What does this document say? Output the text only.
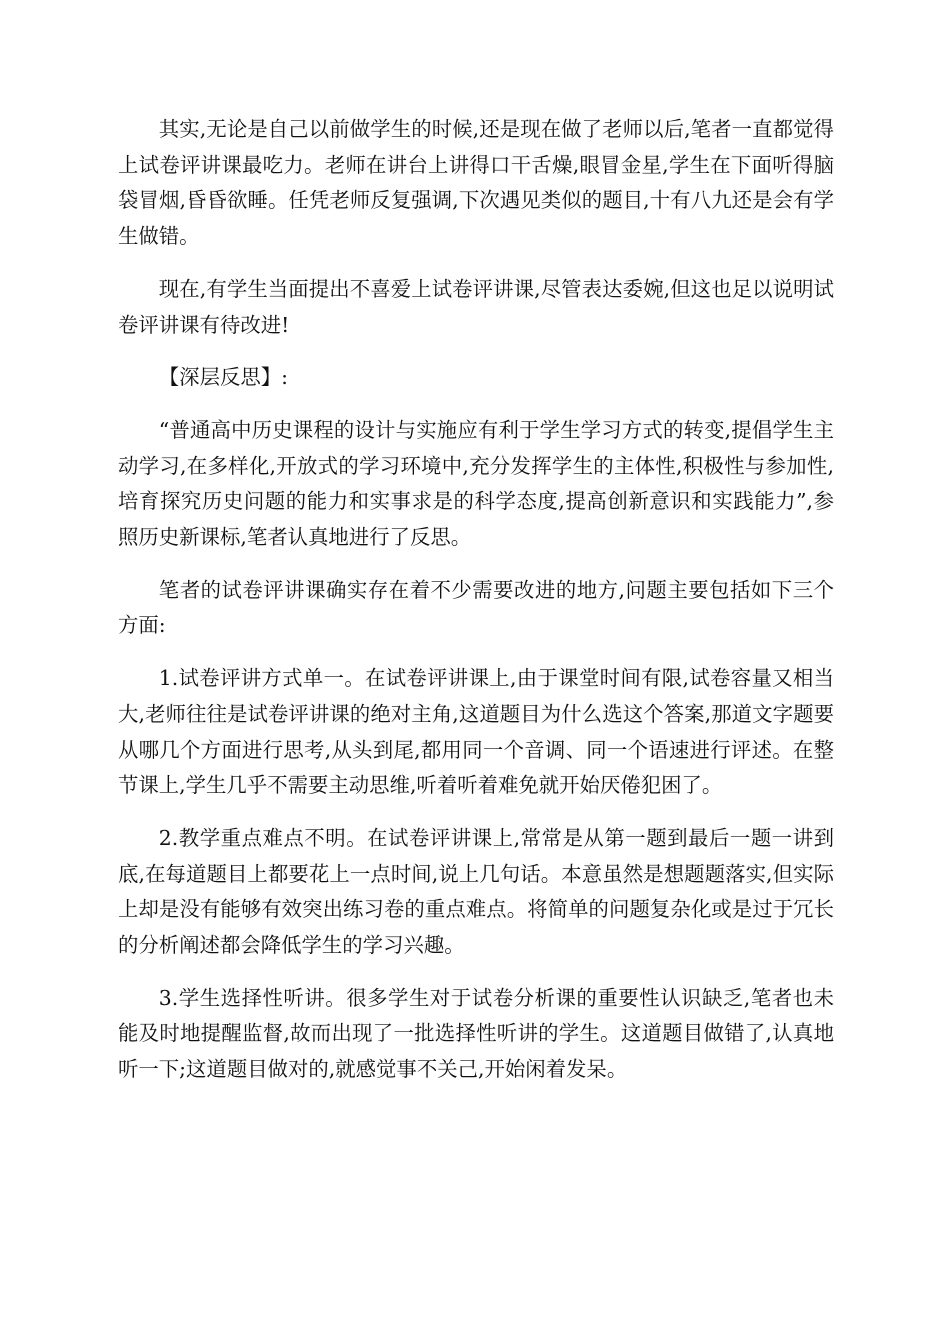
其实,无论是自己以前做学生的时候,还是现在做了老师以后,笔者一直都觉得上试卷评讲课最吃力。老师在讲台上讲得口干舌燥,眼冒金星,学生在下面听得脑袋冒烟,昏昏欲睡。任凭老师反复强调,下次遇见类似的题目,十有八九还是会有学生做错。

现在,有学生当面提出不喜爱上试卷评讲课,尽管表达委婉,但这也足以说明试卷评讲课有待改进!

【深层反思】:

“普通高中历史课程的设计与实施应有利于学生学习方式的转变,提倡学生主动学习,在多样化,开放式的学习环境中,充分发挥学生的主体性,积极性与参加性,培育探究历史问题的能力和实事求是的科学态度,提高创新意识和实践能力”,参照历史新课标,笔者认真地进行了反思。

笔者的试卷评讲课确实存在着不少需要改进的地方,问题主要包括如下三个方面:

1.试卷评讲方式单一。在试卷评讲课上,由于课堂时间有限,试卷容量又相当大,老师往往是试卷评讲课的绝对主角,这道题目为什么选这个答案,那道文字题要从哪几个方面进行思考,从头到尾,都用同一个音调、同一个语速进行评述。在整节课上,学生几乎不需要主动思维,听着听着难免就开始厌倦犯困了。

2.教学重点难点不明。在试卷评讲课上,常常是从第一题到最后一题一讲到底,在每道题目上都要花上一点时间,说上几句话。本意虽然是想题题落实,但实际上却是没有能够有效突出练习卷的重点难点。将简单的问题复杂化或是过于冗长的分析阐述都会降低学生的学习兴趣。

3.学生选择性听讲。很多学生对于试卷分析课的重要性认识缺乏,笔者也未能及时地提醒监督,故而出现了一批选择性听讲的学生。这道题目做错了,认真地听一下;这道题目做对的,就感觉事不关己,开始闲着发呆。
